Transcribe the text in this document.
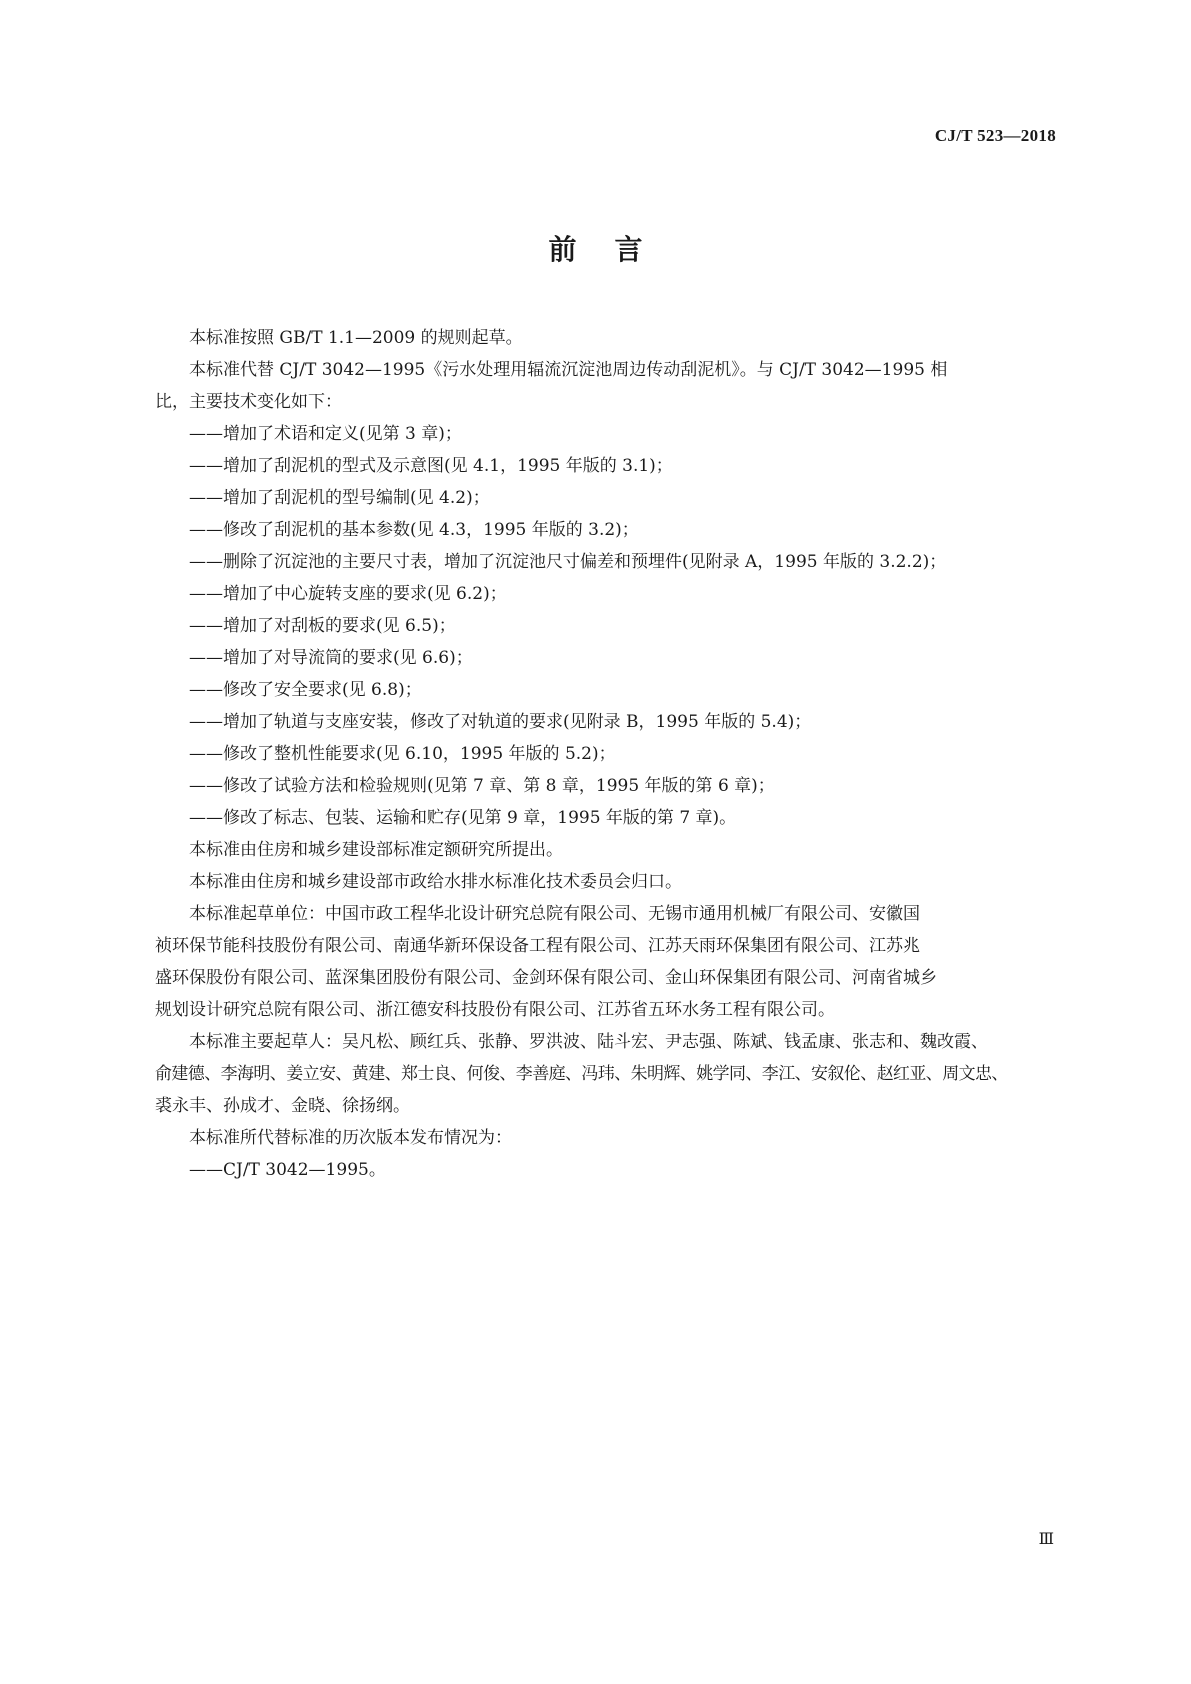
CJ/T 523—2018
前言

本标准按照 GB/T 1.1—2009 的规则起草。

本标准代替 CJ/T 3042—1995《污水处理用辐流沉淀池周边传动刮泥机》。与 CJ/T 3042—1995 相

比，主要技术变化如下：

——增加了术语和定义(见第 3 章)；
——增加了刮泥机的型式及示意图(见 4.1，1995 年版的 3.1)；
——增加了刮泥机的型号编制(见 4.2)；
——修改了刮泥机的基本参数(见 4.3，1995 年版的 3.2)；
——删除了沉淀池的主要尺寸表，增加了沉淀池尺寸偏差和预埋件(见附录 A，1995 年版的 3.2.2)；
——增加了中心旋转支座的要求(见 6.2)；
——增加了对刮板的要求(见 6.5)；
——增加了对导流筒的要求(见 6.6)；
——修改了安全要求(见 6.8)；
——增加了轨道与支座安装，修改了对轨道的要求(见附录 B，1995 年版的 5.4)；
——修改了整机性能要求(见 6.10，1995 年版的 5.2)；
——修改了试验方法和检验规则(见第 7 章、第 8 章，1995 年版的第 6 章)；
——修改了标志、包装、运输和贮存(见第 9 章，1995 年版的第 7 章)。

本标准由住房和城乡建设部标准定额研究所提出。

本标准由住房和城乡建设部市政给水排水标准化技术委员会归口。

本标准起草单位：中国市政工程华北设计研究总院有限公司、无锡市通用机械厂有限公司、安徽国

祯环保节能科技股份有限公司、南通华新环保设备工程有限公司、江苏天雨环保集团有限公司、江苏兆

盛环保股份有限公司、蓝深集团股份有限公司、金剑环保有限公司、金山环保集团有限公司、河南省城乡

规划设计研究总院有限公司、浙江德安科技股份有限公司、江苏省五环水务工程有限公司。

本标准主要起草人：吴凡松、顾红兵、张静、罗洪波、陆斗宏、尹志强、陈斌、钱孟康、张志和、魏改霞、

俞建德、李海明、姜立安、黄建、郑士良、何俊、李善庭、冯玮、朱明辉、姚学同、李江、安叙伦、赵红亚、周文忠、

裘永丰、孙成才、金晓、徐扬纲。

本标准所代替标准的历次版本发布情况为：

——CJ/T 3042—1995。
Ⅲ
